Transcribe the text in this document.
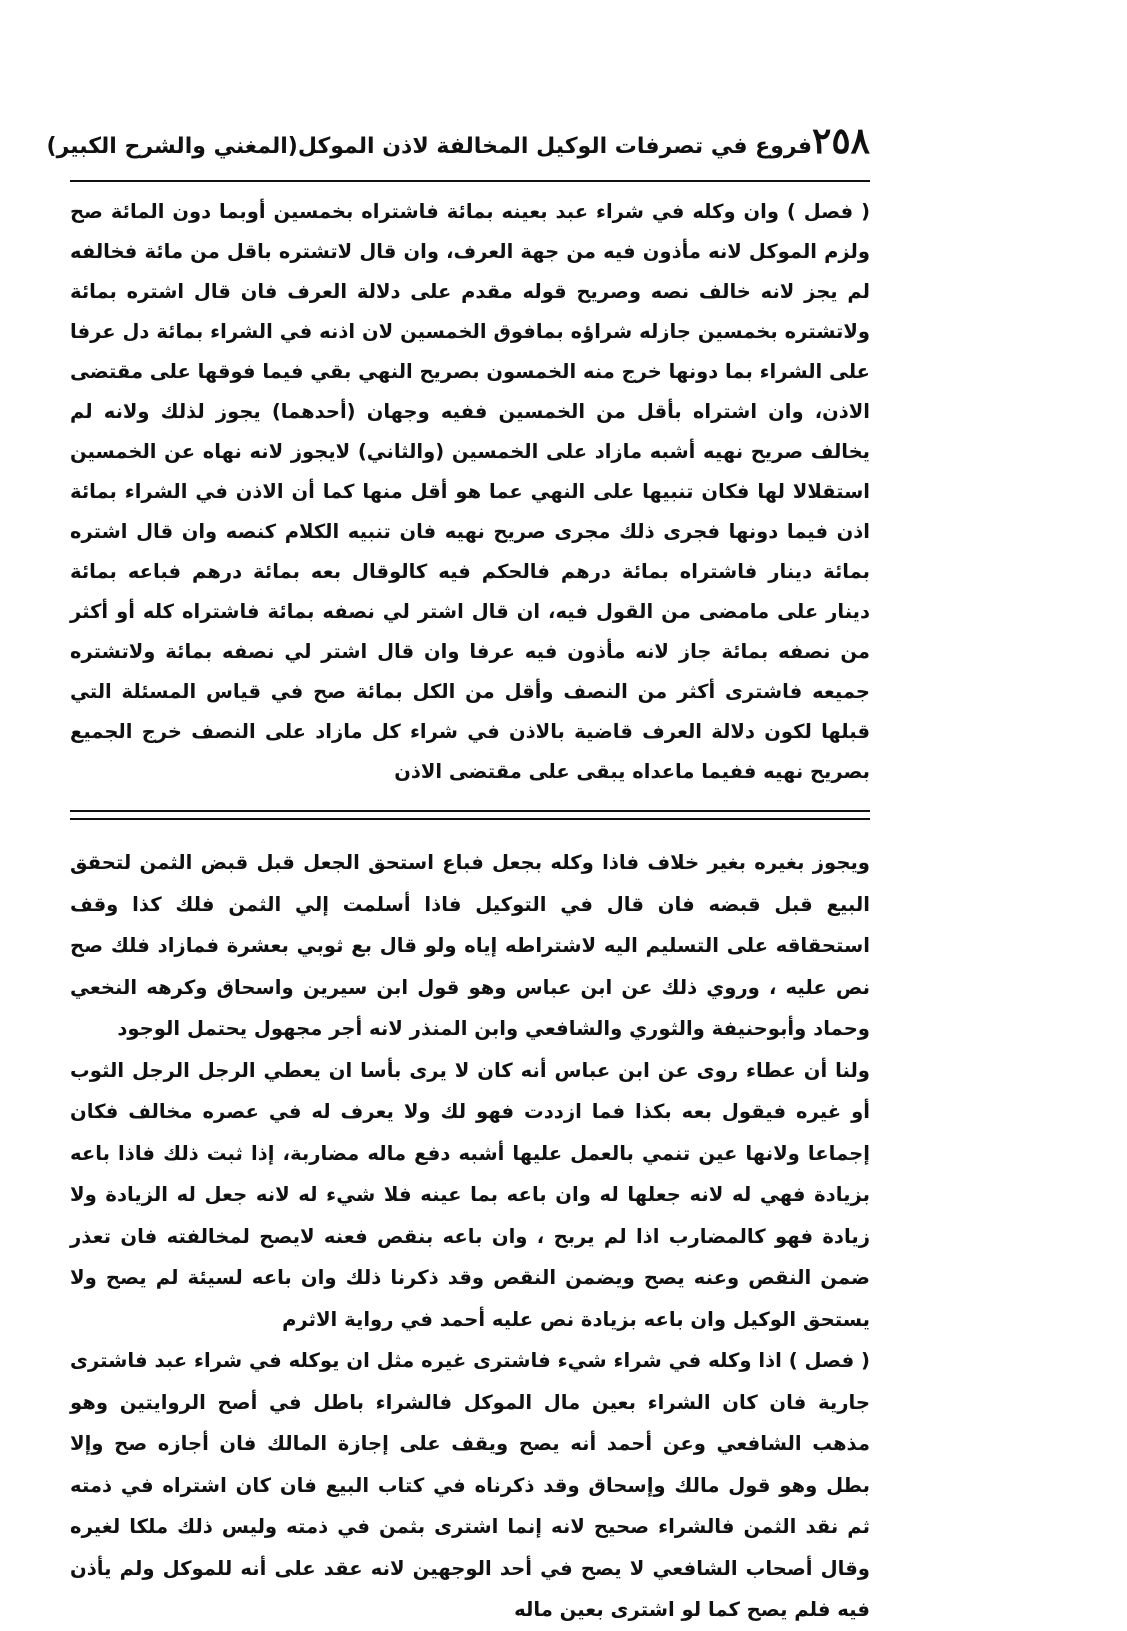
٢٥٨
فروع في تصرفات الوكيل المخالفة لاذن الموكل
(المغني والشرح الكبير)

( فصل ) وان وكله في شراء عبد بعينه بمائة فاشتراه بخمسين أوبما دون المائة صح ولزم الموكل لانه مأذون فيه من جهة العرف، وان قال لاتشتره باقل من مائة فخالفه لم يجز لانه خالف نصه وصريح قوله مقدم على دلالة العرف فان قال اشتره بمائة ولاتشتره بخمسين جازله شراؤه بمافوق الخمسين لان اذنه في الشراء بمائة دل عرفا على الشراء بما دونها خرج منه الخمسون بصريح النهي بقي فيما فوقها على مقتضى الاذن، وان اشتراه بأقل من الخمسين ففيه وجهان (أحدهما) يجوز لذلك ولانه لم يخالف صريح نهيه أشبه مازاد على الخمسين (والثاني) لايجوز لانه نهاه عن الخمسين استقلالا لها فكان تنبيها على النهي عما هو أقل منها كما أن الاذن في الشراء بمائة اذن فيما دونها فجرى ذلك مجرى صريح نهيه فان تنبيه الكلام كنصه وان قال اشتره بمائة دينار فاشتراه بمائة درهم فالحكم فيه كالوقال بعه بمائة درهم فباعه بمائة دينار على مامضى من القول فيه، ان قال اشتر لي نصفه بمائة فاشتراه كله أو أكثر من نصفه بمائة جاز لانه مأذون فيه عرفا وان قال اشتر لي نصفه بمائة ولاتشتره جميعه فاشترى أكثر من النصف وأقل من الكل بمائة صح في قياس المسئلة التي قبلها لكون دلالة العرف قاضية بالاذن في شراء كل مازاد على النصف خرج الجميع بصريح نهيه ففيما ماعداه يبقى على مقتضى الاذن

ويجوز بغيره بغير خلاف فاذا وكله بجعل فباع استحق الجعل قبل قبض الثمن لتحقق البيع قبل قبضه فان قال في التوكيل فاذا أسلمت إلي الثمن فلك كذا وقف استحقاقه على التسليم اليه لاشتراطه إياه ولو قال بع ثوبي بعشرة فمازاد فلك صح نص عليه ، وروي ذلك عن ابن عباس وهو قول ابن سيرين واسحاق وكرهه النخعي وحماد وأبوحنيفة والثوري والشافعي وابن المنذر لانه أجر مجهول يحتمل الوجود

ولنا أن عطاء روى عن ابن عباس أنه كان لا يرى بأسا ان يعطي الرجل الرجل الثوب أو غيره فيقول بعه بكذا فما ازددت فهو لك ولا يعرف له في عصره مخالف فكان إجماعا ولانها عين تنمي بالعمل عليها أشبه دفع ماله مضاربة، إذا ثبت ذلك فاذا باعه بزيادة فهي له لانه جعلها له وان باعه بما عينه فلا شيء له لانه جعل له الزيادة ولا زيادة فهو كالمضارب اذا لم يربح ، وان باعه بنقص فعنه لايصح لمخالفته فان تعذر ضمن النقص وعنه يصح ويضمن النقص وقد ذكرنا ذلك وان باعه لسيئة لم يصح ولا يستحق الوكيل وان باعه بزيادة نص عليه أحمد في رواية الاثرم

( فصل ) اذا وكله في شراء شيء فاشترى غيره مثل ان يوكله في شراء عبد فاشترى جارية فان كان الشراء بعين مال الموكل فالشراء باطل في أصح الروايتين وهو مذهب الشافعي وعن أحمد أنه يصح ويقف على إجازة المالك فان أجازه صح وإلا بطل وهو قول مالك وإسحاق وقد ذكرناه في كتاب البيع فان كان اشتراه في ذمته ثم نقد الثمن فالشراء صحيح لانه إنما اشترى بثمن في ذمته وليس ذلك ملكا لغيره وقال أصحاب الشافعي لا يصح في أحد الوجهين لانه عقد على أنه للموكل ولم يأذن فيه فلم يصح كما لو اشترى بعين ماله
